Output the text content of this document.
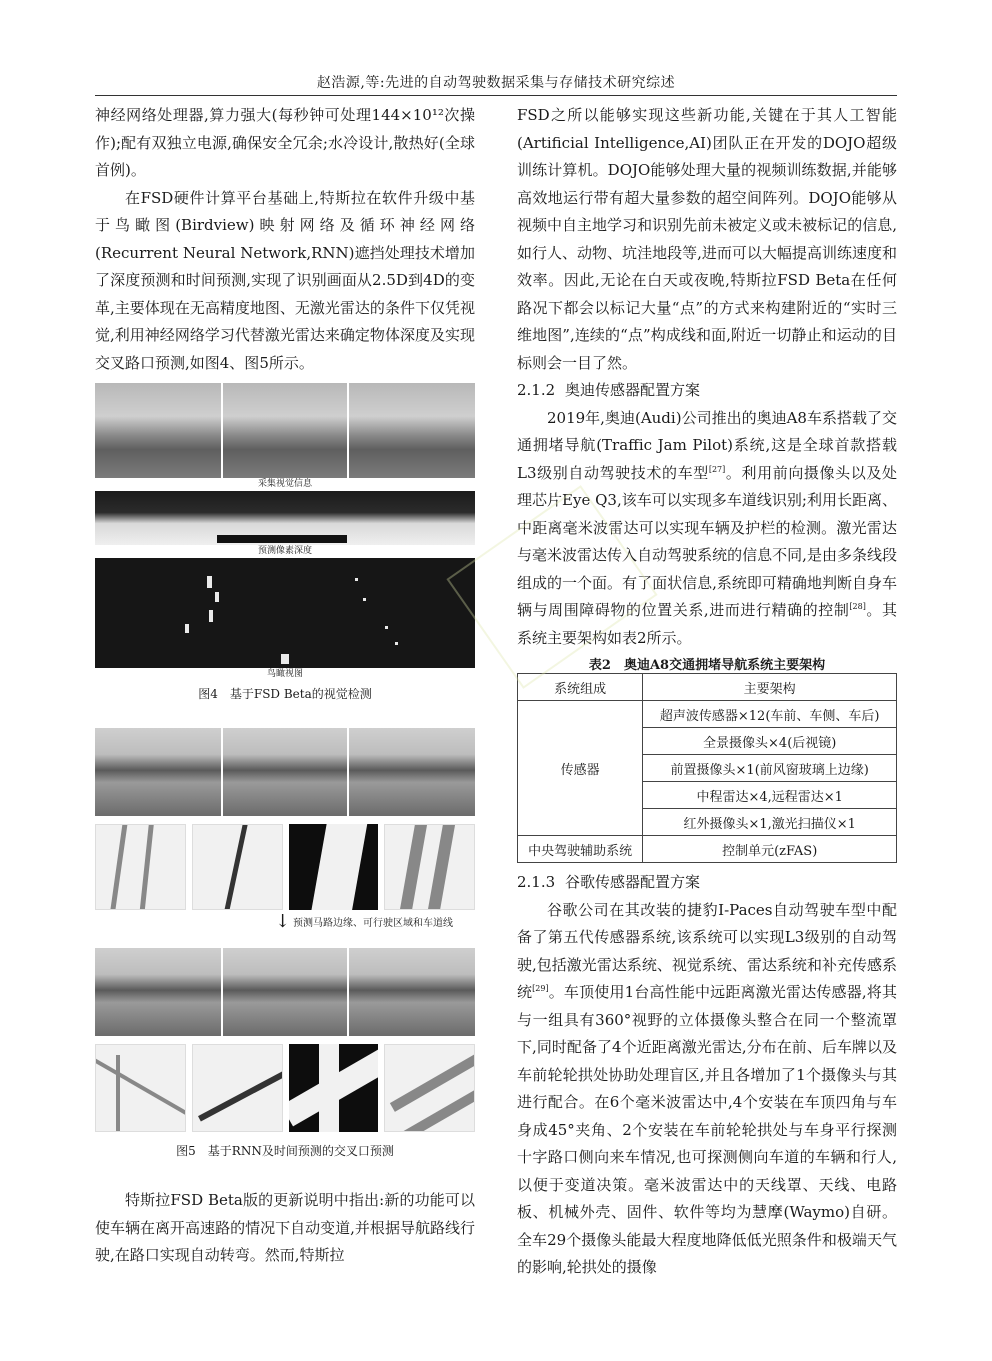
赵浩源,等:先进的自动驾驶数据采集与存储技术研究综述

神经网络处理器,算力强大(每秒钟可处理144×10¹²次操作);配有双独立电源,确保安全冗余;水冷设计,散热好(全球首例)。

在FSD硬件计算平台基础上,特斯拉在软件升级中基于鸟瞰图(Birdview)映射网络及循环神经网络(Recurrent Neural Network,RNN)遮挡处理技术增加了深度预测和时间预测,实现了识别画面从2.5D到4D的变革,主要体现在无高精度地图、无激光雷达的条件下仅凭视觉,利用神经网络学习代替激光雷达来确定物体深度及实现交叉路口预测,如图4、图5所示。

采集视觉信息
预测像素深度
鸟瞰视图

图4　基于FSD Beta的视觉检测

↓ 预测马路边缘、可行驶区域和车道线

图5　基于RNN及时间预测的交叉口预测

特斯拉FSD Beta版的更新说明中指出:新的功能可以使车辆在离开高速路的情况下自动变道,并根据导航路线行驶,在路口实现自动转弯。然而,特斯拉

FSD之所以能够实现这些新功能,关键在于其人工智能(Artificial Intelligence,AI)团队正在开发的DOJO超级训练计算机。DOJO能够处理大量的视频训练数据,并能够高效地运行带有超大量参数的超空间阵列。DOJO能够从视频中自主地学习和识别先前未被定义或未被标记的信息,如行人、动物、坑洼地段等,进而可以大幅提高训练速度和效率。因此,无论在白天或夜晚,特斯拉FSD Beta在任何路况下都会以标记大量“点”的方式来构建附近的“实时三维地图”,连续的“点”构成线和面,附近一切静止和运动的目标则会一目了然。

2.1.2 奥迪传感器配置方案

2019年,奥迪(Audi)公司推出的奥迪A8车系搭载了交通拥堵导航(Traffic Jam Pilot)系统,这是全球首款搭载L3级别自动驾驶技术的车型[27]。利用前向摄像头以及处理芯片Eye Q3,该车可以实现多车道线识别;利用长距离、中距离毫米波雷达可以实现车辆及护栏的检测。激光雷达与毫米波雷达传入自动驾驶系统的信息不同,是由多条线段组成的一个面。有了面状信息,系统即可精确地判断自身车辆与周围障碍物的位置关系,进而进行精确的控制[28]。其系统主要架构如表2所示。

表2　奥迪A8交通拥堵导航系统主要架构

系统组成	主要架构
传感器	超声波传感器×12(车前、车侧、车后)
	全景摄像头×4(后视镜)
	前置摄像头×1(前风窗玻璃上边缘)
	中程雷达×4,远程雷达×1
	红外摄像头×1,激光扫描仪×1
中央驾驶辅助系统	控制单元(zFAS)

2.1.3 谷歌传感器配置方案

谷歌公司在其改装的捷豹I-Paces自动驾驶车型中配备了第五代传感器系统,该系统可以实现L3级别的自动驾驶,包括激光雷达系统、视觉系统、雷达系统和补充传感系统[29]。车顶使用1台高性能中远距离激光雷达传感器,将其与一组具有360°视野的立体摄像头整合在同一个整流罩下,同时配备了4个近距离激光雷达,分布在前、后车牌以及车前轮轮拱处协助处理盲区,并且各增加了1个摄像头与其进行配合。在6个毫米波雷达中,4个安装在车顶四角与车身成45°夹角、2个安装在车前轮轮拱处与车身平行探测十字路口侧向来车情况,也可探测侧向车道的车辆和行人,以便于变道决策。毫米波雷达中的天线罩、天线、电路板、机械外壳、固件、软件等均为慧摩(Waymo)自研。全车29个摄像头能最大程度地降低低光照条件和极端天气的影响,轮拱处的摄像
